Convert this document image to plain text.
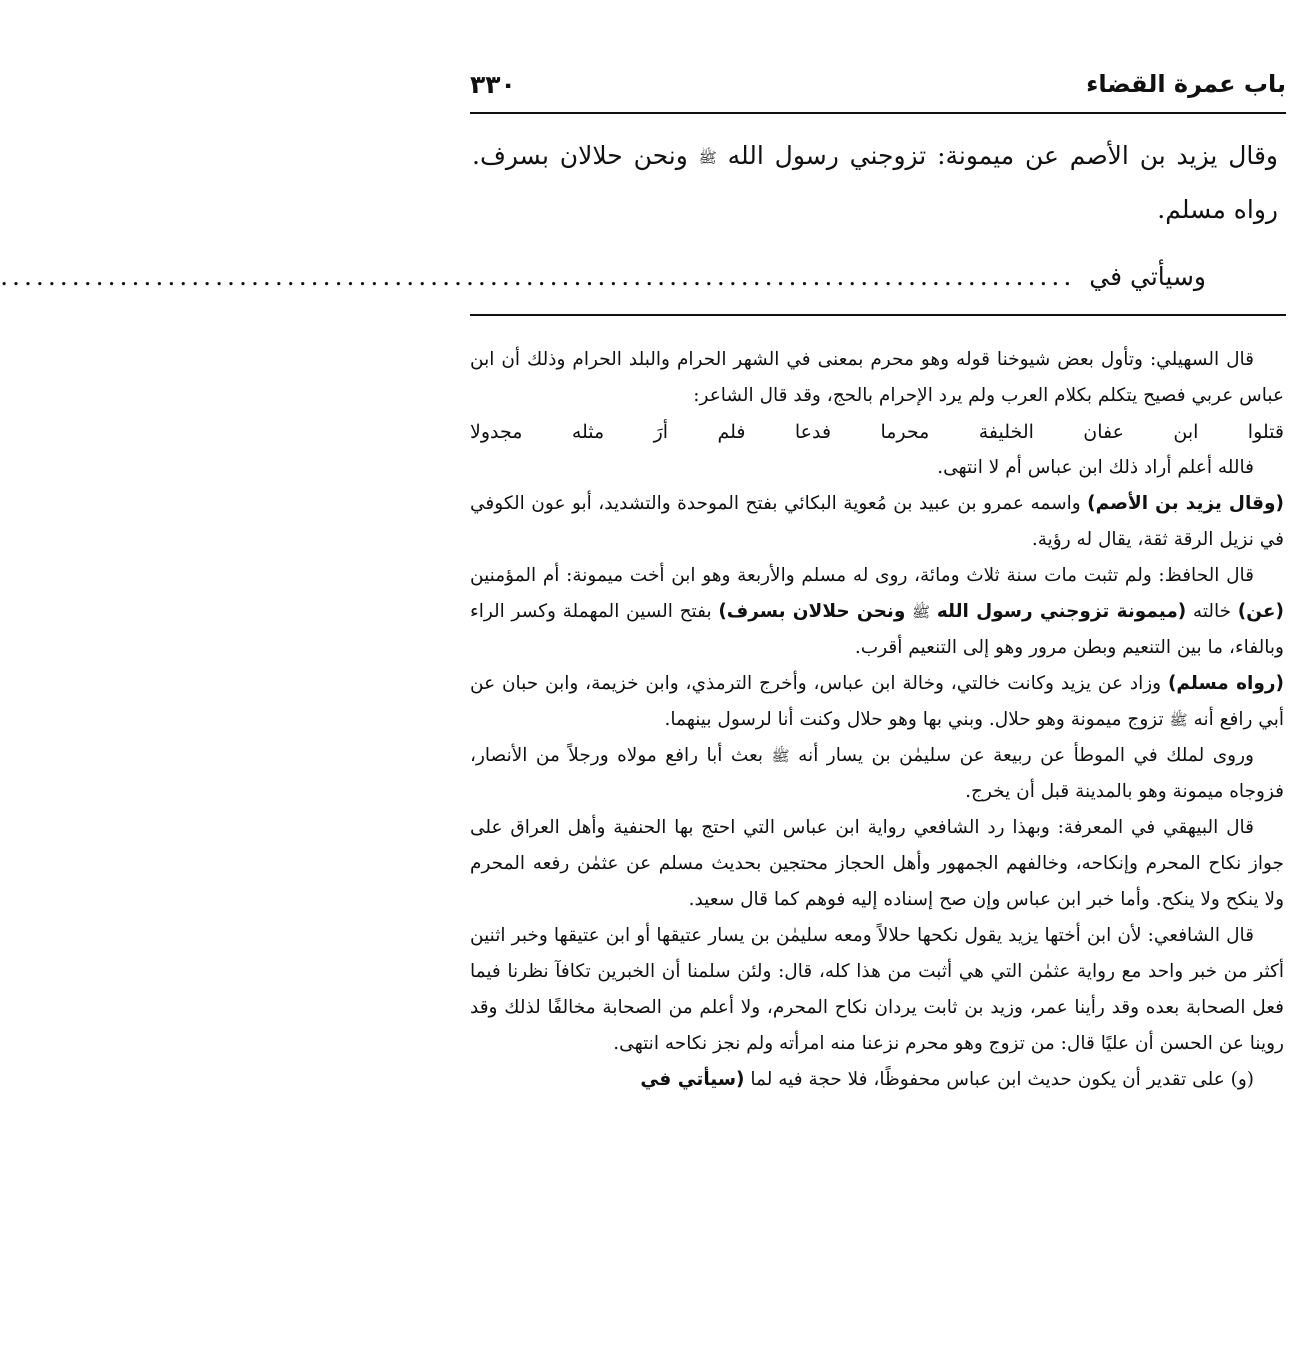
باب عمرة القضاء
٣٣٠

وقال يزيد بن الأصم عن ميمونة: تزوجني رسول الله ﷺ ونحن حلالان بسرف. رواه مسلم.

وسيأتي في
..........................................................................................

قال السهيلي: وتأول بعض شيوخنا قوله وهو محرم بمعنى في الشهر الحرام والبلد الحرام وذلك أن ابن عباس عربي فصيح يتكلم بكلام العرب ولم يرد الإحرام بالحج، وقد قال الشاعر:

قتلوا ابن عفان الخليفة محرما فدعا فلم أرَ مثله مجدولا

فالله أعلم أراد ذلك ابن عباس أم لا انتهى.

(وقال يزيد بن الأصم) واسمه عمرو بن عبيد بن مُعوية البكائي بفتح الموحدة والتشديد، أبو عون الكوفي في نزيل الرقة ثقة، يقال له رؤية.

قال الحافظ: ولم تثبت مات سنة ثلاث ومائة، روى له مسلم والأربعة وهو ابن أخت ميمونة: أم المؤمنين (عن) خالته (ميمونة تزوجني رسول الله ﷺ ونحن حلالان بسرف) بفتح السين المهملة وكسر الراء وبالفاء، ما بين التنعيم وبطن مرور وهو إلى التنعيم أقرب.

(رواه مسلم) وزاد عن يزيد وكانت خالتي، وخالة ابن عباس، وأخرج الترمذي، وابن خزيمة، وابن حبان عن أبي رافع أنه ﷺ تزوج ميمونة وهو حلال. وبني بها وهو حلال وكنت أنا لرسول بينهما.

وروى لملك في الموطأ عن ربيعة عن سليمٰن بن يسار أنه ﷺ بعث أبا رافع مولاه ورجلاً من الأنصار، فزوجاه ميمونة وهو بالمدينة قبل أن يخرج.

قال البيهقي في المعرفة: وبهذا رد الشافعي رواية ابن عباس التي احتج بها الحنفية وأهل العراق على جواز نكاح المحرم وإنكاحه، وخالفهم الجمهور وأهل الحجاز محتجين بحديث مسلم عن عثمٰن رفعه المحرم ولا ينكح ولا ينكح. وأما خبر ابن عباس وإن صح إسناده إليه فوهم كما قال سعيد.

قال الشافعي: لأن ابن أختها يزيد يقول نكحها حلالاً ومعه سليمٰن بن يسار عتيقها أو ابن عتيقها وخبر اثنين أكثر من خبر واحد مع رواية عثمٰن التي هي أثبت من هذا كله، قال: ولئن سلمنا أن الخبرين تكافآ نظرنا فيما فعل الصحابة بعده وقد رأينا عمر، وزيد بن ثابت يردان نكاح المحرم، ولا أعلم من الصحابة مخالفًا لذلك وقد روينا عن الحسن أن عليًا قال: من تزوج وهو محرم نزعنا منه امرأته ولم نجز نكاحه انتهى.

(و) على تقدير أن يكون حديث ابن عباس محفوظًا، فلا حجة فيه لما (سيأتي في
